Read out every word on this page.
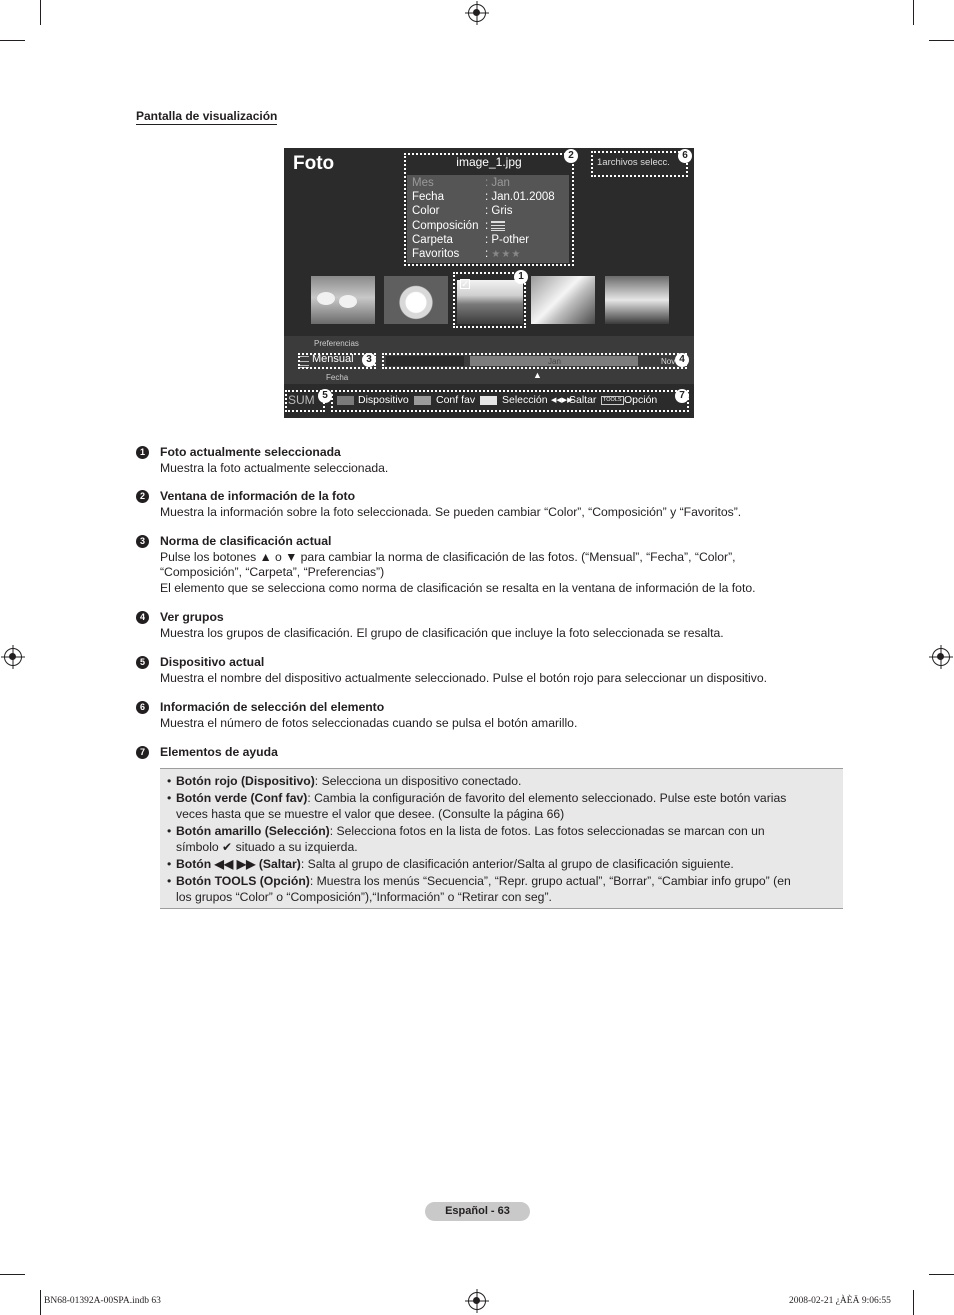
Pantalla de visualización
Foto	image_1.jpg
Mes	: Jan
Fecha	: Jan.01.2008
Color	: Gris
Composición :
Carpeta	: P-other
Favoritos : ★★★
2
1archivos selecc.
6
✓
1
Preferencias
Mensual	3
Fecha
Jan	Nov 4
▲
SUM	Dispositivo	Conf fav	Selección ◀◀▶▶
Saltar	TOOLS Opción
5	7
1	Foto actualmente seleccionada
Muestra la foto actualmente seleccionada.
2	Ventana de información de la foto
Muestra la información sobre la foto seleccionada. Se pueden cambiar “Color”, “Composición” y “Favoritos”.
3	Norma de clasificación actual
Pulse los botones ▲ o ▼ para cambiar la norma de clasificación de las fotos. (“Mensual”, “Fecha”, “Color”,
“Composición”, “Carpeta”, “Preferencias”)
El elemento que se selecciona como norma de clasificación se resalta en la ventana de información de la foto.
4	Ver grupos
Muestra los grupos de clasificación. El grupo de clasificación que incluye la foto seleccionada se resalta.
5	Dispositivo actual
Muestra el nombre del dispositivo actualmente seleccionado. Pulse el botón rojo para seleccionar un dispositivo.
6	Información de selección del elemento
Muestra el número de fotos seleccionadas cuando se pulsa el botón amarillo.
7	Elementos de ayuda
• Botón rojo (Dispositivo): Selecciona un dispositivo conectado.
• Botón verde (Conf fav): Cambia la configuración de favorito del elemento seleccionado. Pulse este botón varias
veces hasta que se muestre el valor que desee. (Consulte la página 66)
• Botón amarillo (Selección): Selecciona fotos en la lista de fotos. Las fotos seleccionadas se marcan con un
símbolo ✔ situado a su izquierda.
• Botón ◀◀ ▶▶ (Saltar): Salta al grupo de clasificación anterior/Salta al grupo de clasificación siguiente.
• Botón TOOLS (Opción): Muestra los menús “Secuencia”, “Repr. grupo actual”, “Borrar”, “Cambiar info grupo” (en
los grupos “Color” o “Composición”),“Información” o “Retirar con seg”.
Español - 63
BN68-01392A-00SPA.indb 63	2008-02-21 ¿ÀÈÄ 9:06:55
